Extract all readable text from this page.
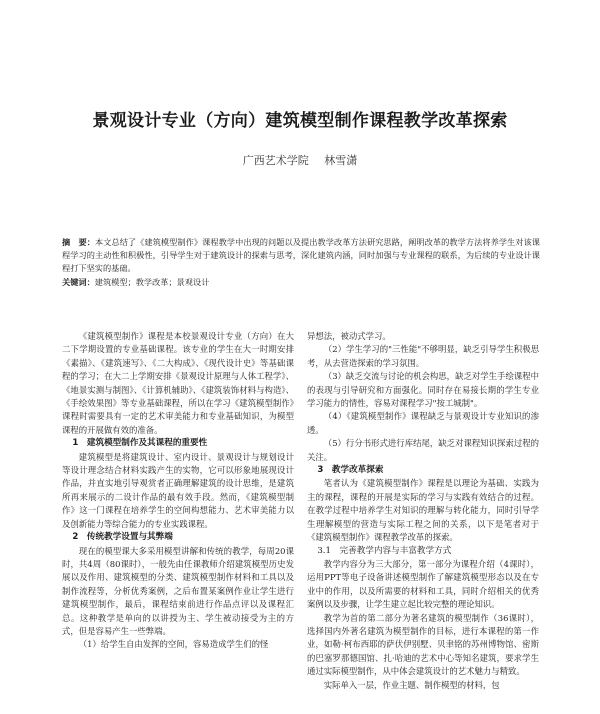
景观设计专业（方向）建筑模型制作课程教学改革探索
广西艺术学院 林雪潇

摘　要：本文总结了《建筑模型制作》课程教学中出现的问题以及提出教学改革方法研究思路，阐明改革的教学方法将养学生对该课程学习的主动性和积极性，引导学生对于建筑设计的探索与思考，深化建筑内涵，同时加强与专业课程的联系，为后续的专业设计课程打下坚实的基础。

关键词：建筑模型；教学改革；景观设计

《建筑模型制作》课程是本校景观设计专业（方向）在大二下学期设置的专业基础课程。该专业的学生在大一时期安排《素描》、《建筑速写》、《二大构成》、《现代设计史》等基础课程的学习；在大二上学期安排《景观设计原理与人体工程学》、《地景实测与制图》、《计算机辅助》、《建筑装饰材料与构造》、《手绘效果图》等专业基础课程，所以在学习《建筑模型制作》课程时需要具有一定的艺术审美能力和专业基础知识，为模型课程的开展做有效的准备。

1　建筑模型制作及其课程的重要性

建筑模型是将建筑设计、室内设计、景观设计与规划设计等设计理念结合材料实践产生的实物，它可以形象地展现设计作品，并直实地引导观赏者正确理解建筑的设计思维，是建筑所再来展示的二设计作品的最有效手段。然而，《建筑模型制作》这一门课程在培养学生的空间构想能力、艺术审美能力以及创新能力等综合能力的专业实践课程。

2　传统教学设置与其弊端

现在的模型课大多采用模型讲解和传统的教学，每周20课时，共4周（80课时），一般先由任课教师介绍建筑模型历史发展以及作用、建筑模型的分类、建筑模型制作材料和工具以及制作流程等，分析优秀案例，之后布置某案例作业让学生进行建筑模型制作，最后，课程结束前进行作品点评以及课程汇总。这种教学是单向的以讲授为主、学生被动接受为主的方式，但是容易产生一些弊端。

（1）给学生自由发挥的空间，容易造成学生们的怪

异想法，被动式学习。

（2）学生学习的"三性能"不够明显，缺乏引导学生积极思考，从去营造探索的学习氛围。

（3）缺乏交流与讨论的机会构思，缺乏对学生手绘课程中的表现与引导研究和方面强化。同时存在易接长期的学生专业学习能力的情性，容易对课程学习"按工城制"。

（4）《建筑模型制作》课程缺乏与景观设计专业知识的渗透。

（5）行分书形式进行库结尾，缺乏对课程知识探索过程的关注。

3　教学改革探索

笔者认为《建筑模型制作》课程是以理论为基础、实践为主的课程，课程的开展是实际的学习与实践有效结合的过程。在教学过程中培养学生对知识的理解与转化能力，同时引导学生理解模型的营造与实际工程之间的关系，以下是笔者对于《建筑模型制作》课程教学改革的探索。

3.1　完善教学内容与丰富教学方式

教学内容分为三大部分，第一部分为课程介绍（4课时），运用PPT等电子设备讲述模型制作了解建筑模型形态以及在专业中的作用，以及所需要的材料和工具，同时介绍相关的优秀案例以及步骤，让学生建立起比较完整的理论知识。

教学为首的第二部分为著名建筑的模型制作（36课时），选择国内外著名建筑为模型制作的目标，进行本课程的第一作业，如勒·柯布西耶的萨伏伊别墅、贝聿铭的苏州博物馆、密斯的巴塞罗那德国馆、扎·哈迪的艺术中心等知名建筑，要求学生通过实际模型制作，从中体会建筑设计的艺术魅力与精致。

实际单入一层，作业主题、制作模型的材料，包
